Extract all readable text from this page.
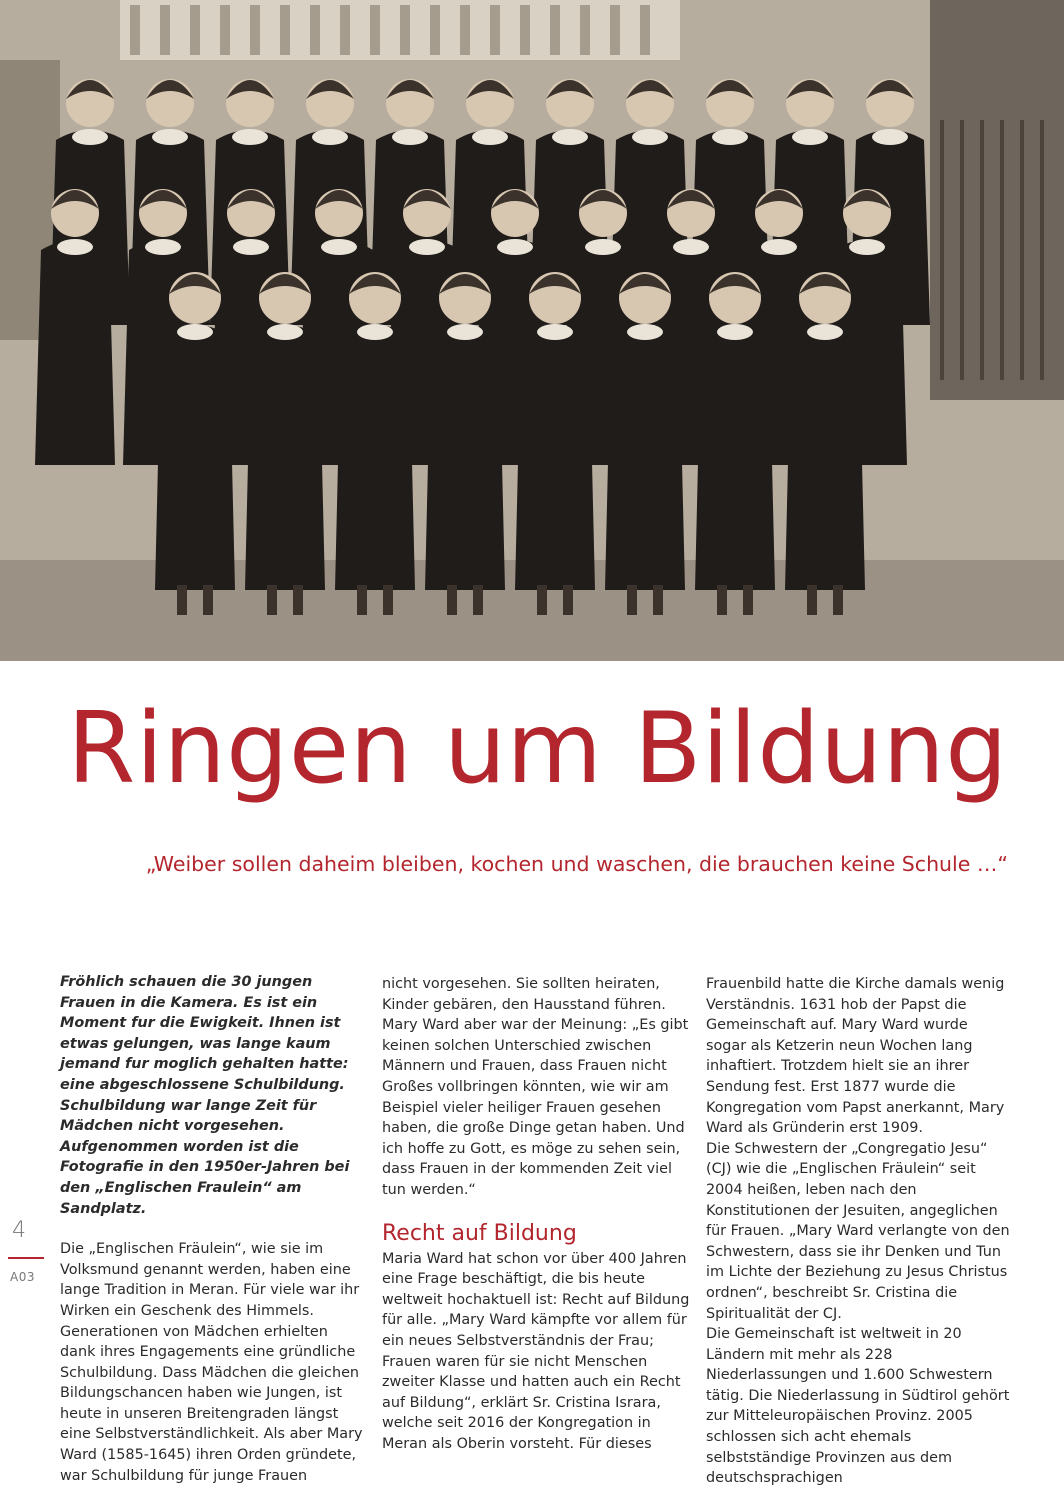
Ringen um Bildung

„Weiber sollen daheim bleiben, kochen und waschen, die brauchen keine Schule …“

4
A03

Fröhlich schauen die 30 jungen Frauen in die Kamera. Es ist ein Moment fur die Ewigkeit. Ihnen ist etwas gelungen, was lange kaum jemand fur moglich gehalten hatte: eine abgeschlossene Schulbildung. Schulbildung war lange Zeit für Mädchen nicht vorgesehen. Aufgenommen worden ist die Fotografie in den 1950er-Jahren bei den „Englischen Fraulein“ am Sandplatz.

Die „Englischen Fräulein“, wie sie im Volksmund genannt werden, haben eine lange Tradition in Meran. Für viele war ihr Wirken ein Geschenk des Himmels. Generationen von Mädchen erhielten dank ihres Engagements eine gründliche Schulbildung. Dass Mädchen die gleichen Bildungschancen haben wie Jungen, ist heute in unseren Breitengraden längst eine Selbstverständlichkeit. Als aber Mary Ward (1585-1645) ihren Orden gründete, war Schulbildung für junge Frauen

nicht vorgesehen. Sie sollten heiraten, Kinder gebären, den Hausstand führen.

Mary Ward aber war der Meinung: „Es gibt keinen solchen Unterschied zwischen Männern und Frauen, dass Frauen nicht Großes vollbringen könnten, wie wir am Beispiel vieler heiliger Frauen gesehen haben, die große Dinge getan haben. Und ich hoffe zu Gott, es möge zu sehen sein, dass Frauen in der kommenden Zeit viel tun werden.“

Recht auf Bildung

Maria Ward hat schon vor über 400 Jahren eine Frage beschäftigt, die bis heute weltweit hochaktuell ist: Recht auf Bildung für alle. „Mary Ward kämpfte vor allem für ein neues Selbstverständnis der Frau; Frauen waren für sie nicht Menschen zweiter Klasse und hatten auch ein Recht auf Bildung“, erklärt Sr. Cristina Israra, welche seit 2016 der Kongregation in Meran als Oberin vorsteht. Für dieses

Frauenbild hatte die Kirche damals wenig Verständnis. 1631 hob der Papst die Gemeinschaft auf. Mary Ward wurde sogar als Ketzerin neun Wochen lang inhaftiert. Trotzdem hielt sie an ihrer Sendung fest. Erst 1877 wurde die Kongregation vom Papst anerkannt, Mary Ward als Gründerin erst 1909.

Die Schwestern der „Congregatio Jesu“ (CJ) wie die „Englischen Fräulein“ seit 2004 heißen, leben nach den Konstitutionen der Jesuiten, angeglichen für Frauen. „Mary Ward verlangte von den Schwestern, dass sie ihr Denken und Tun im Lichte der Beziehung zu Jesus Christus ordnen“, beschreibt Sr. Cristina die Spiritualität der CJ.

Die Gemeinschaft ist weltweit in 20 Ländern mit mehr als 228 Niederlassungen und 1.600 Schwestern tätig. Die Niederlassung in Südtirol gehört zur Mitteleuropäischen Provinz. 2005 schlossen sich acht ehemals selbstständige Provinzen aus dem deutschsprachigen
